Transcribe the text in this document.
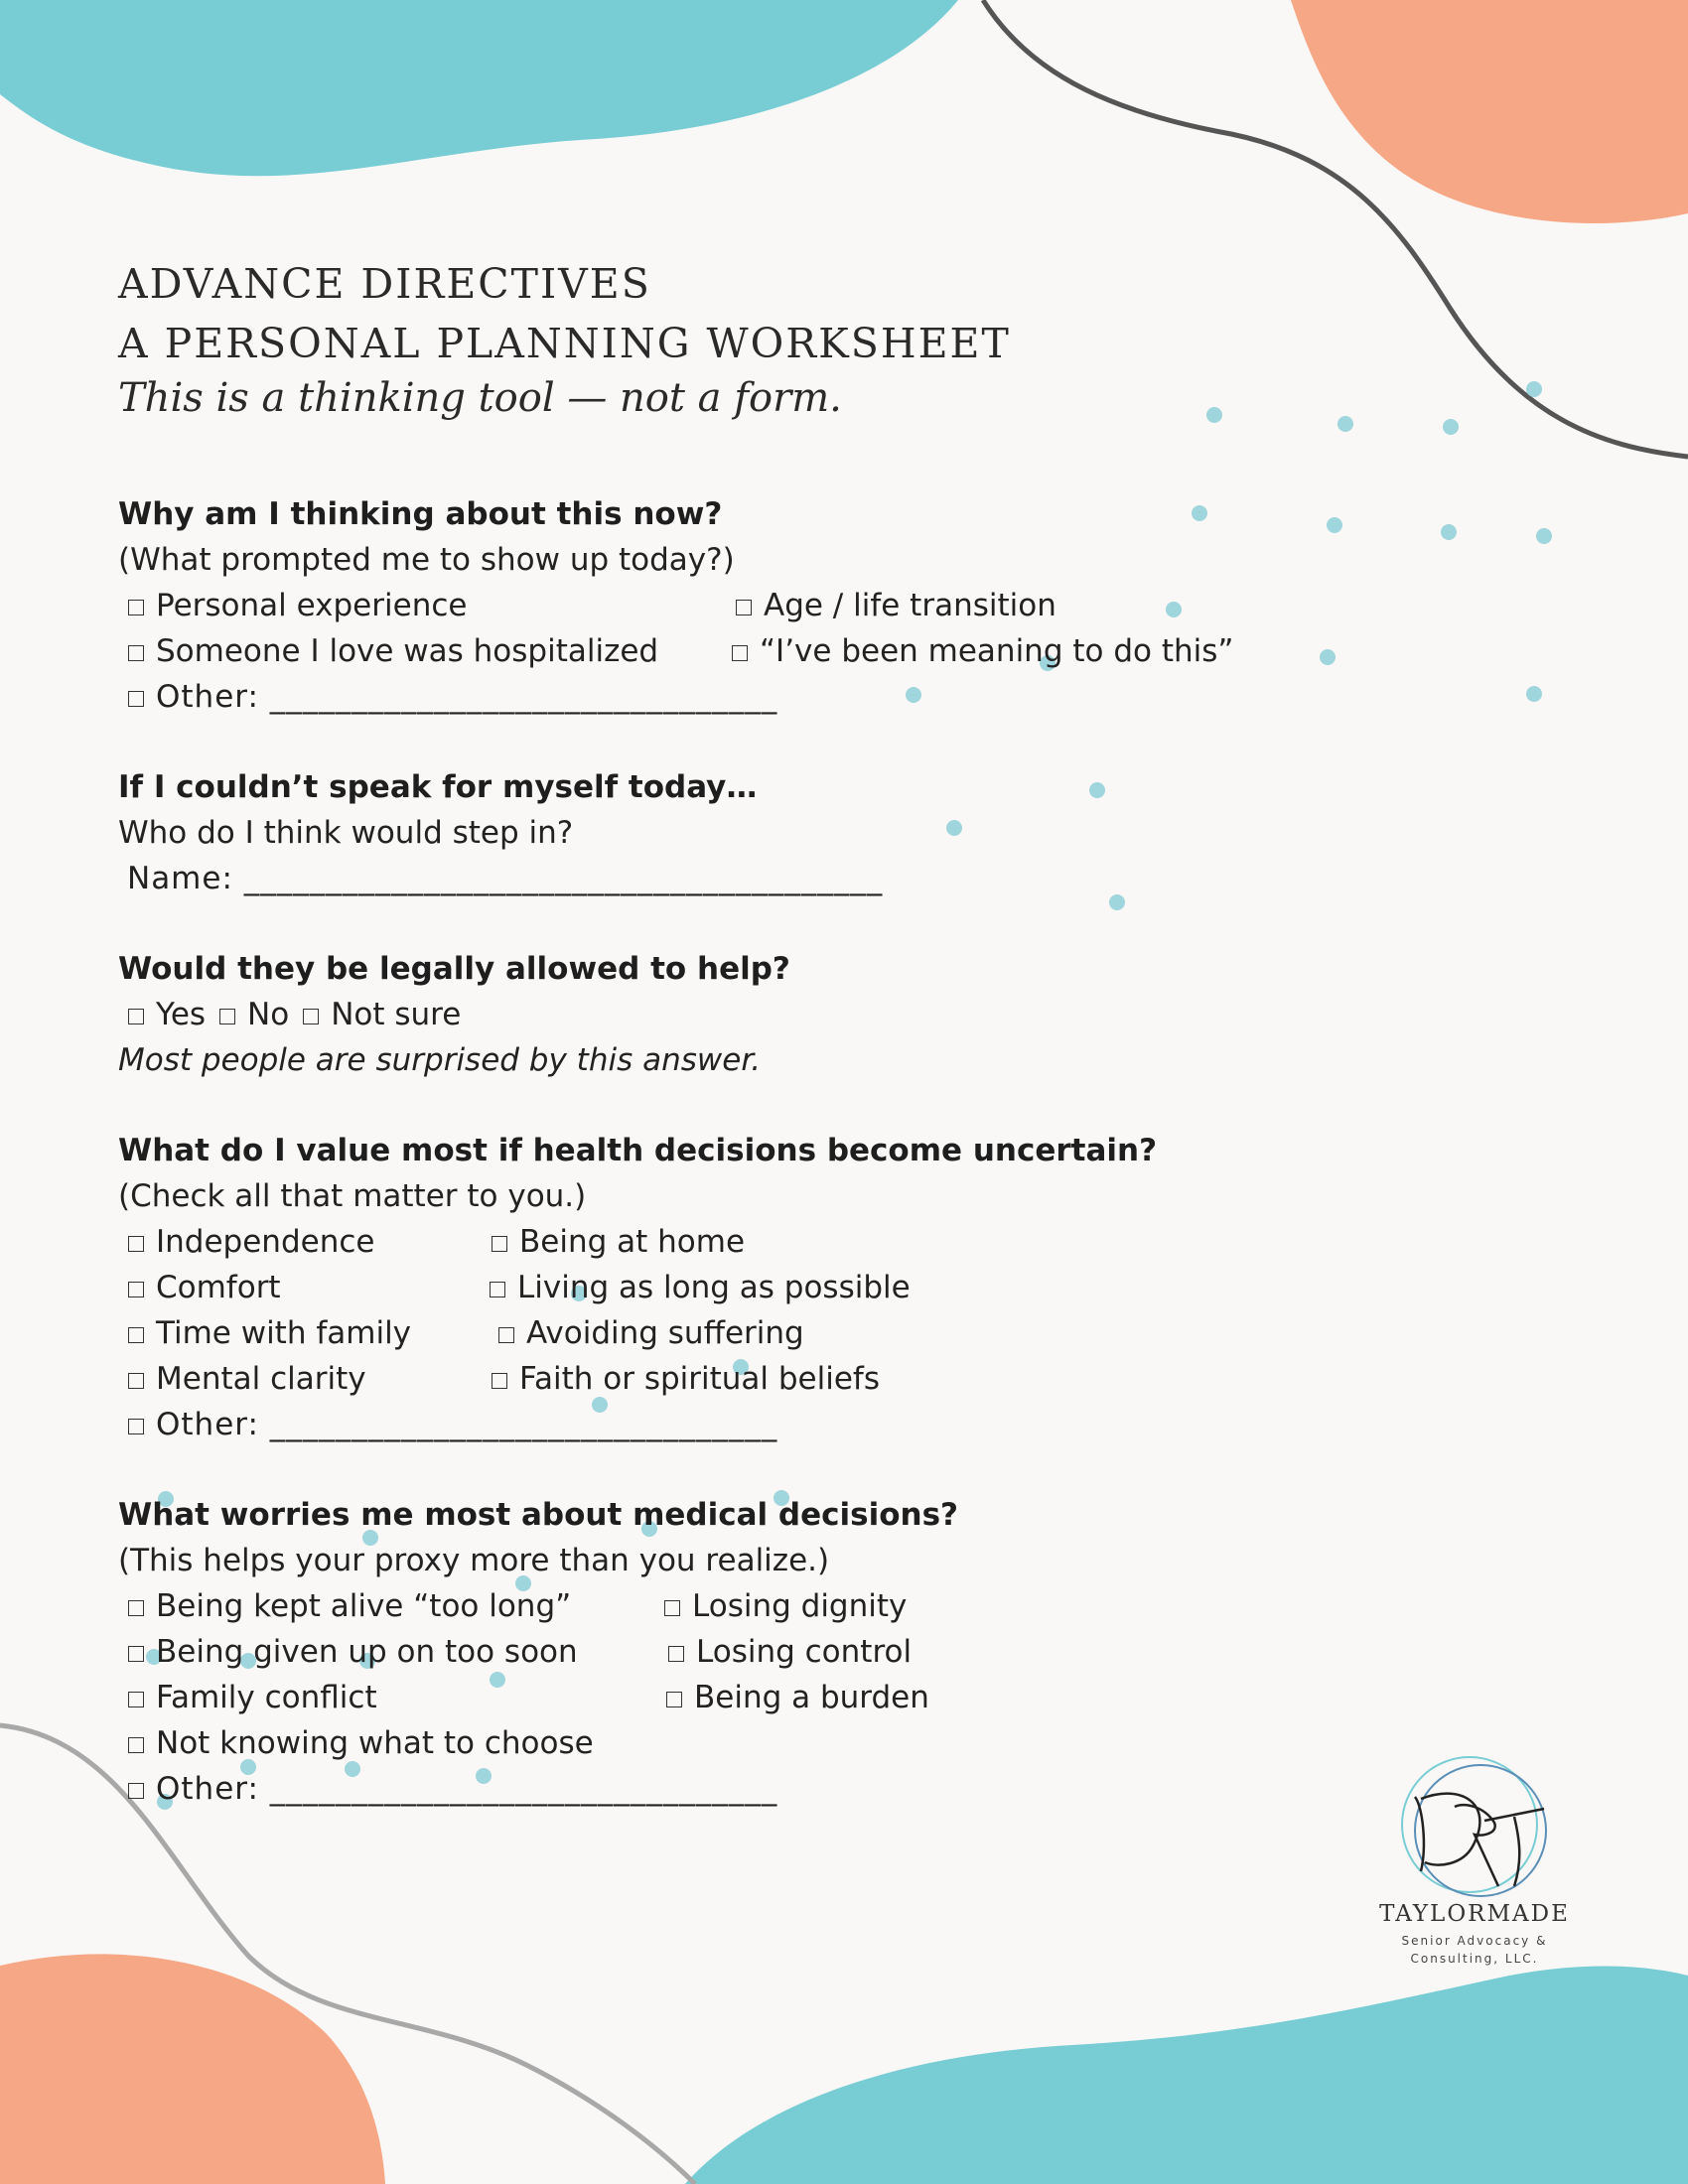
ADVANCE DIRECTIVES
A PERSONAL PLANNING WORKSHEET
This is a thinking tool — not a form.
Why am I thinking about this now?
(What prompted me to show up today?)
Personal experience	Age / life transition
Someone I love was hospitalized	“I’ve been meaning to do this”
Other: _______________________________
If I couldn’t speak for myself today…
Who do I think would step in?
Name: _______________________________________
Would they be legally allowed to help?
Yes No Not sure
Most people are surprised by this answer.
What do I value most if health decisions become uncertain?
(Check all that matter to you.)
Independence	Being at home
Comfort	Living as long as possible
Time with family	Avoiding suffering
Mental clarity	Faith or spiritual beliefs
Other: _______________________________
What worries me most about medical decisions?
(This helps your proxy more than you realize.)
Being kept alive “too long”	Losing dignity
Being given up on too soon	Losing control
Family conflict	Being a burden
Not knowing what to choose
Other: _______________________________
TAYLORMADE
Senior Advocacy &
Consulting, LLC.
